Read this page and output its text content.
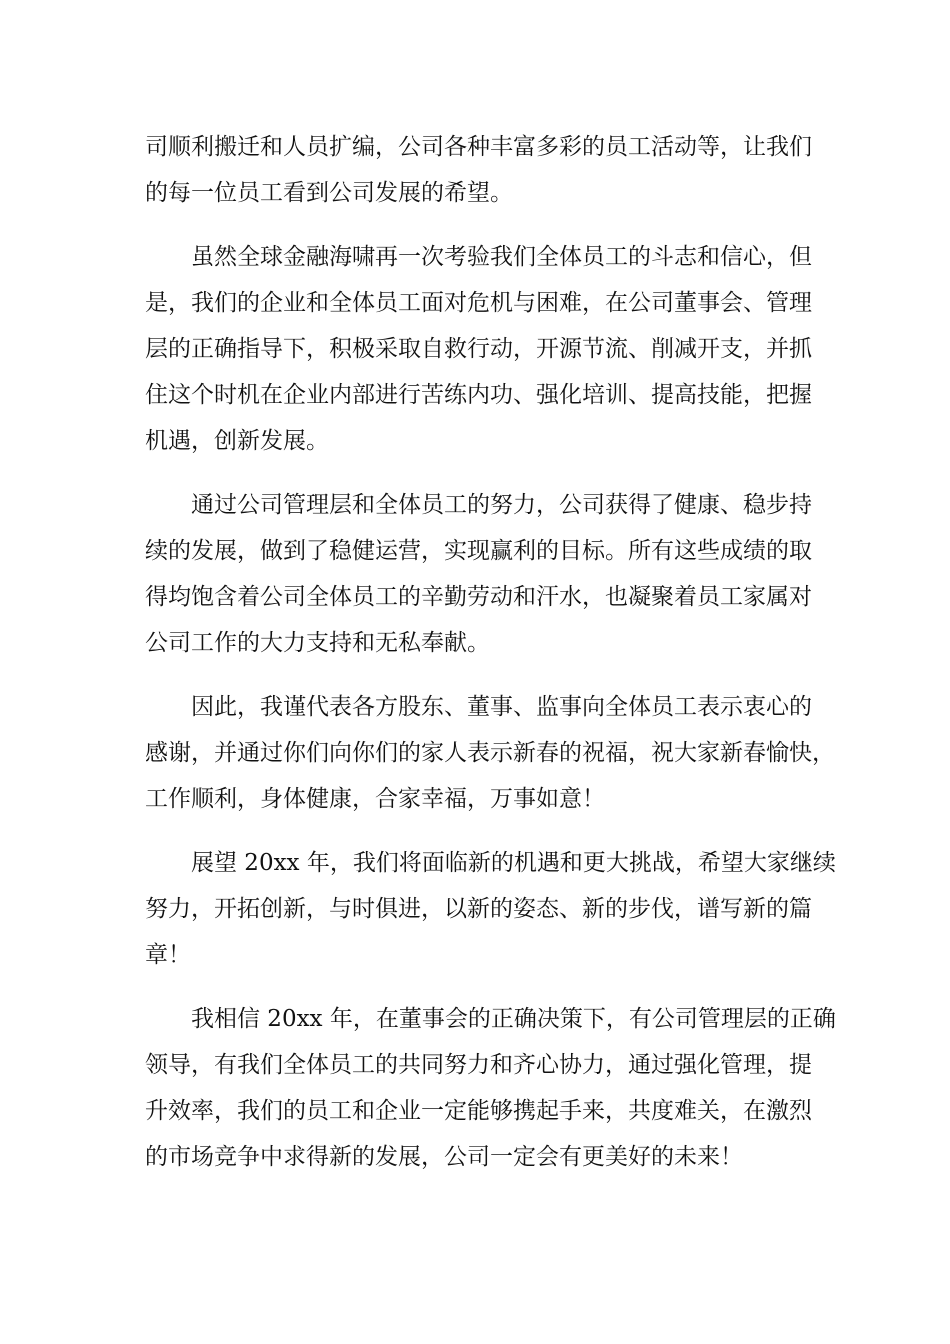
司顺利搬迁和人员扩编，公司各种丰富多彩的员工活动等，让我们
的每一位员工看到公司发展的希望。
虽然全球金融海啸再一次考验我们全体员工的斗志和信心，但
是，我们的企业和全体员工面对危机与困难，在公司董事会、管理
层的正确指导下，积极采取自救行动，开源节流、削减开支，并抓
住这个时机在企业内部进行苦练内功、强化培训、提高技能，把握
机遇，创新发展。
通过公司管理层和全体员工的努力，公司获得了健康、稳步持
续的发展，做到了稳健运营，实现赢利的目标。所有这些成绩的取
得均饱含着公司全体员工的辛勤劳动和汗水，也凝聚着员工家属对
公司工作的大力支持和无私奉献。
因此，我谨代表各方股东、董事、监事向全体员工表示衷心的
感谢，并通过你们向你们的家人表示新春的祝福，祝大家新春愉快，
工作顺利，身体健康，合家幸福，万事如意！
展望 20xx 年，我们将面临新的机遇和更大挑战，希望大家继续
努力，开拓创新，与时俱进，以新的姿态、新的步伐，谱写新的篇
章！
我相信 20xx 年，在董事会的正确决策下，有公司管理层的正确
领导，有我们全体员工的共同努力和齐心协力，通过强化管理，提
升效率，我们的员工和企业一定能够携起手来，共度难关，在激烈
的市场竞争中求得新的发展，公司一定会有更美好的未来！
